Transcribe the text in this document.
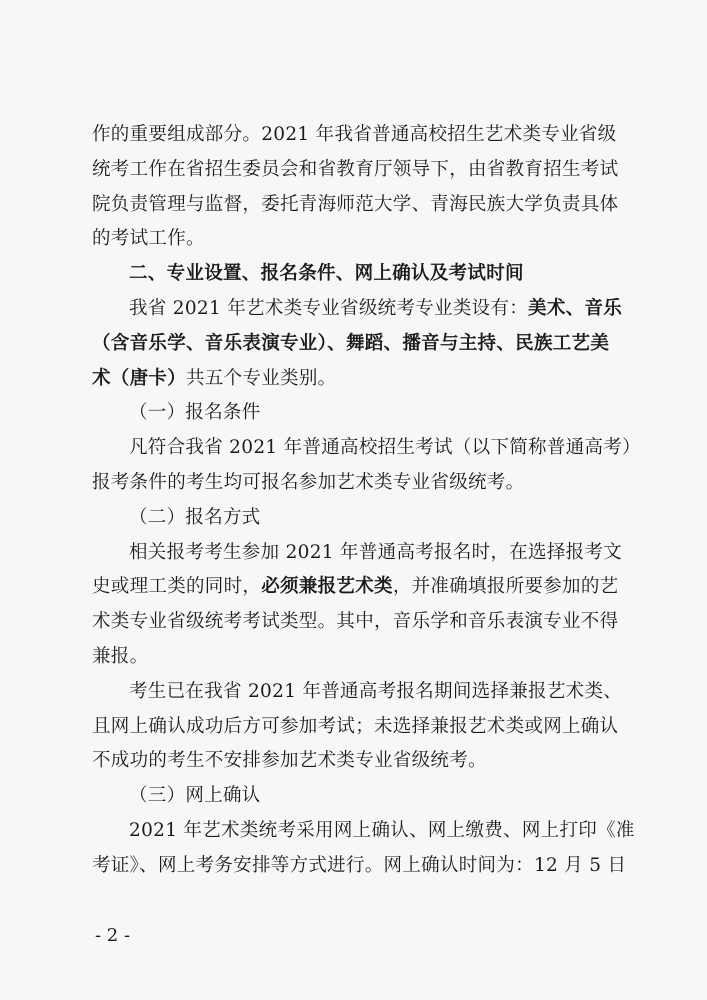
作的重要组成部分。2021 年我省普通高校招生艺术类专业省级
统考工作在省招生委员会和省教育厅领导下，由省教育招生考试
院负责管理与监督，委托青海师范大学、青海民族大学负责具体
的考试工作。
二、专业设置、报名条件、网上确认及考试时间
我省 2021 年艺术类专业省级统考专业类设有：美术、音乐
（含音乐学、音乐表演专业）、舞蹈、播音与主持、民族工艺美
术（唐卡）共五个专业类别。
（一）报名条件
凡符合我省 2021 年普通高校招生考试（以下简称普通高考）
报考条件的考生均可报名参加艺术类专业省级统考。
（二）报名方式
相关报考考生参加 2021 年普通高考报名时，在选择报考文
史或理工类的同时，必须兼报艺术类，并准确填报所要参加的艺
术类专业省级统考考试类型。其中，音乐学和音乐表演专业不得
兼报。
考生已在我省 2021 年普通高考报名期间选择兼报艺术类、
且网上确认成功后方可参加考试；未选择兼报艺术类或网上确认
不成功的考生不安排参加艺术类专业省级统考。
（三）网上确认
2021 年艺术类统考采用网上确认、网上缴费、网上打印《准
考证》、网上考务安排等方式进行。网上确认时间为：12 月 5 日
- 2 -
